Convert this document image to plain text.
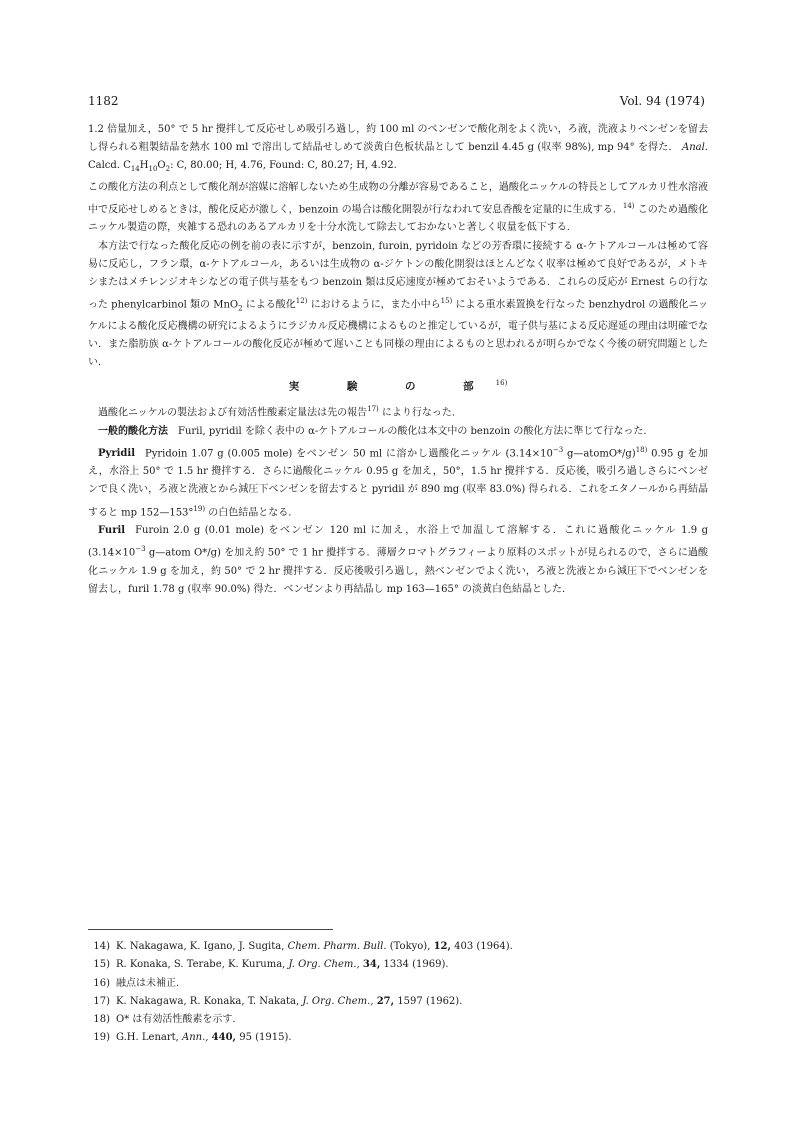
1182	Vol. 94 (1974)

1.2 倍量加え，50° で 5 hr 攪拌して反応せしめ吸引ろ過し，約 100 ml のベンゼンで酸化剤をよく洗い，ろ液，洗液よりベンゼンを留去し得られる粗製結晶を熱水 100 ml で溶出して結晶せしめて淡黄白色板状晶として benzil 4.45 g (収率 98%), mp 94° を得た． Anal. Calcd. $C_{14}H_{10}O_2$: C, 80.00; H, 4.76, Found: C, 80.27; H, 4.92.

この酸化方法の利点として酸化剤が溶媒に溶解しないため生成物の分離が容易であること，過酸化ニッケルの特長としてアルカリ性水溶液中で反応せしめるときは，酸化反応が激しく，benzoin の場合は酸化開裂が行なわれて安息香酸を定量的に生成する．$^{14)}$ このため過酸化ニッケル製造の際，夾雑する恐れのあるアルカリを十分水洗して除去しておかないと著しく収量を低下する．

本方法で行なった酸化反応の例を前の表に示すが，benzoin, furoin, pyridoin などの芳香環に接続する α-ケトアルコールは極めて容易に反応し，フラン環，α-ケトアルコール，あるいは生成物の α-ジケトンの酸化開裂はほとんどなく収率は極めて良好であるが，メトキシまたはメチレンジオキシなどの電子供与基をもつ benzoin 類は反応速度が極めておそいようである．これらの反応が Ernest らの行なった phenylcarbinol 類の MnO$_2$ による酸化$^{12)}$ におけるように，また小中ら$^{15)}$ による重水素置換を行なった benzhydrol の過酸化ニッケルによる酸化反応機構の研究によるようにラジカル反応機構によるものと推定しているが，電子供与基による反応遅延の理由は明確でない．また脂肪族 α-ケトアルコールの酸化反応が極めて遅いことも同様の理由によるものと思われるが明らかでなく今後の研究問題としたい．

実 験 の 部$^{16)}$

過酸化ニッケルの製法および有効活性酸素定量法は先の報告$^{17)}$ により行なった．

一般的酸化方法 Furil, pyridil を除く表中の α-ケトアルコールの酸化は本文中の benzoin の酸化方法に準じて行なった．

Pyridil Pyridoin 1.07 g (0.005 mole) をベンゼン 50 ml に溶かし過酸化ニッケル ($3.14\times 10^{-3}$ g—atomO*/g)$^{18)}$ 0.95 g を加え，水浴上 50° で 1.5 hr 攪拌する．さらに過酸化ニッケル 0.95 g を加え，50°，1.5 hr 攪拌する．反応後，吸引ろ過しさらにベンゼンで良く洗い，ろ液と洗液とから減圧下ベンゼンを留去すると pyridil が 890 mg (収率 83.0%) 得られる．これをエタノールから再結晶すると mp 152—153°$^{19)}$ の白色結晶となる．

Furil Furoin 2.0 g (0.01 mole) をベンゼン 120 ml に加え，水浴上で加温して溶解する．これに過酸化ニッケル 1.9 g ($3.14\times 10^{-3}$ g—atom O*/g) を加え約 50° で 1 hr 攪拌する．薄層クロマトグラフィーより原料のスポットが見られるので，さらに過酸化ニッケル 1.9 g を加え，約 50° で 2 hr 攪拌する．反応後吸引ろ過し，熱ベンゼンでよく洗い，ろ液と洗液とから減圧下でベンゼンを留去し，furil 1.78 g (収率 90.0%) 得た．ベンゼンより再結晶し mp 163—165° の淡黄白色結晶とした．

14) K. Nakagawa, K. Igano, J. Sugita, Chem. Pharm. Bull. (Tokyo), 12, 403 (1964).
15) R. Konaka, S. Terabe, K. Kuruma, J. Org. Chem., 34, 1334 (1969).
16) 融点は未補正.
17) K. Nakagawa, R. Konaka, T. Nakata, J. Org. Chem., 27, 1597 (1962).
18) O* は有効活性酸素を示す.
19) G.H. Lenart, Ann., 440, 95 (1915).
